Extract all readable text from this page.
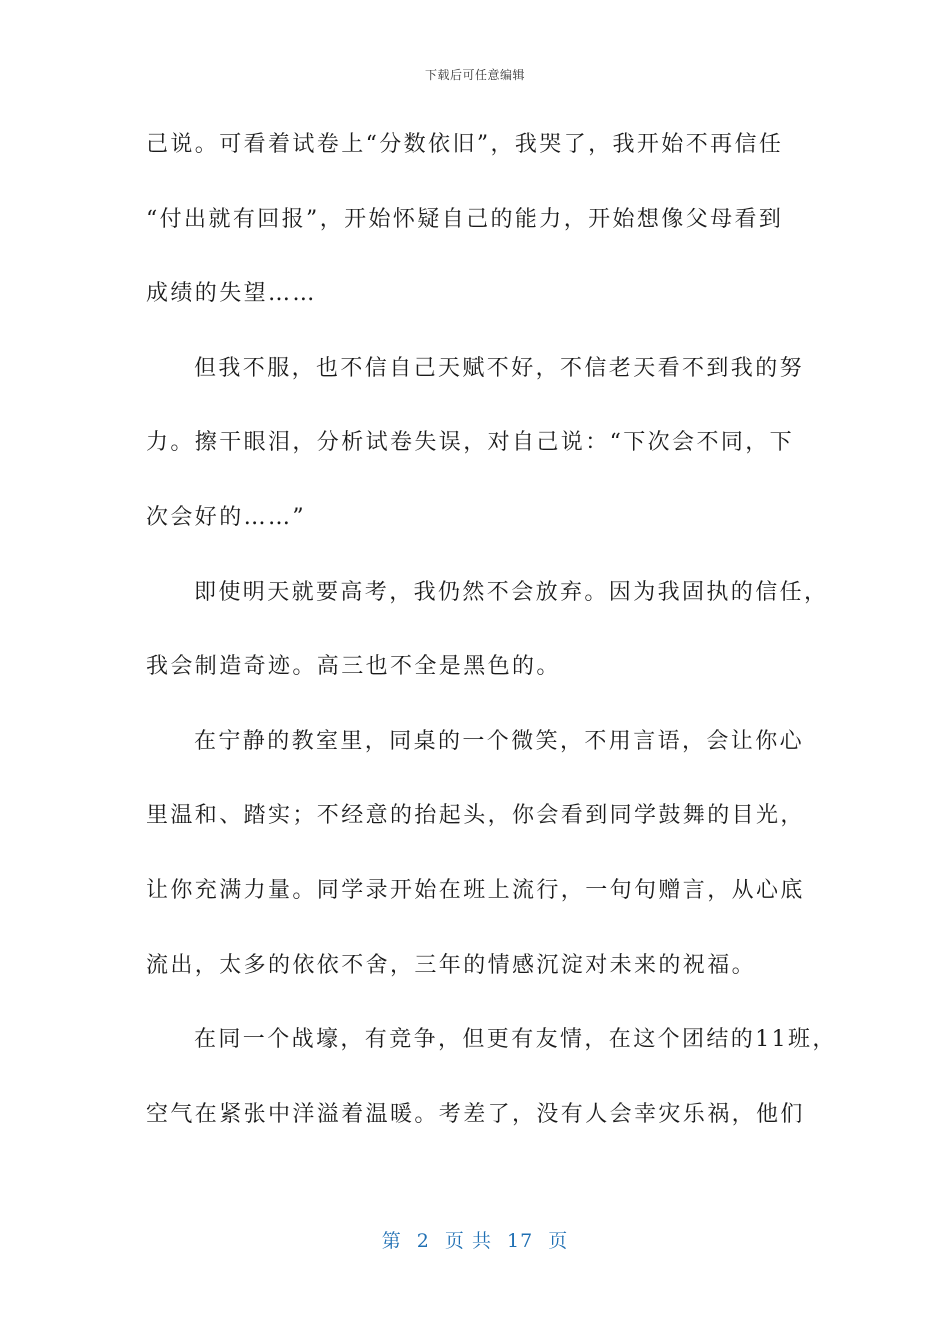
下载后可任意编辑
己说。可看着试卷上“分数依旧”，我哭了，我开始不再信任
“付出就有回报”，开始怀疑自己的能力，开始想像父母看到
成绩的失望……
但我不服，也不信自己天赋不好，不信老天看不到我的努
力。擦干眼泪，分析试卷失误，对自己说：“下次会不同，下
次会好的……”
即使明天就要高考，我仍然不会放弃。因为我固执的信任，
我会制造奇迹。高三也不全是黑色的。
在宁静的教室里，同桌的一个微笑，不用言语，会让你心
里温和、踏实；不经意的抬起头，你会看到同学鼓舞的目光，
让你充满力量。同学录开始在班上流行，一句句赠言，从心底
流出，太多的依依不舍，三年的情感沉淀对未来的祝福。
在同一个战壕，有竞争，但更有友情，在这个团结的11班，
空气在紧张中洋溢着温暖。考差了，没有人会幸灾乐祸，他们
第 2 页 共 17 页
